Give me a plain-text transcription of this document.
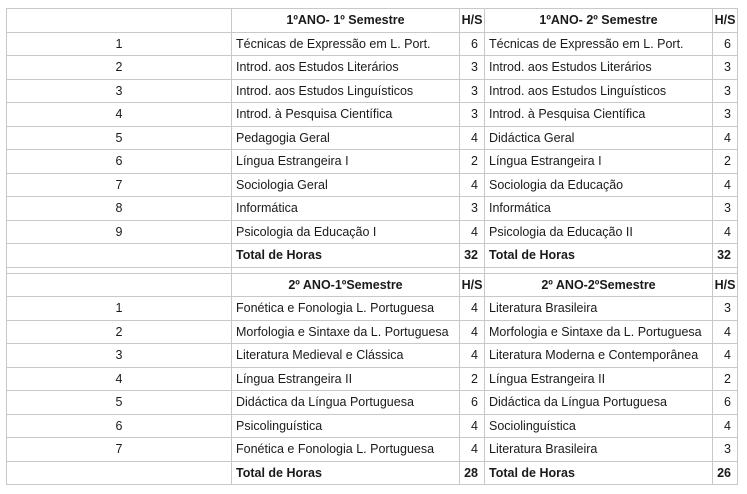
	1ºANO- 1º Semestre	H/S	1ºANO- 2º Semestre	H/S
1	Técnicas de Expressão em L. Port.	6	Técnicas de Expressão em L. Port.	6
2	Introd. aos Estudos Literários	3	Introd. aos Estudos Literários	3
3	Introd. aos Estudos Linguísticos	3	Introd. aos Estudos Linguísticos	3
4	Introd. à Pesquisa Científica	3	Introd. à Pesquisa Científica	3
5	Pedagogia Geral	4	Didáctica Geral	4
6	Língua Estrangeira I	2	Língua Estrangeira I	2
7	Sociologia Geral	4	Sociologia da Educação	4
8	Informática	3	Informática	3
9	Psicologia da Educação I	4	Psicologia da Educação II	4
	Total de Horas	32	Total de Horas	32

	2º ANO-1ºSemestre	H/S	2º ANO-2ºSemestre	H/S
1	Fonética e Fonologia L. Portuguesa	4	Literatura Brasileira	3
2	Morfologia e Sintaxe da L. Portuguesa	4	Morfologia e Sintaxe da L. Portuguesa	4
3	Literatura Medieval e Clássica	4	Literatura Moderna e Contemporânea	4
4	Língua Estrangeira II	2	Língua Estrangeira II	2
5	Didáctica da Língua Portuguesa	6	Didáctica da Língua Portuguesa	6
6	Psicolinguística	4	Sociolinguística	4
7	Fonética e Fonologia L. Portuguesa	4	Literatura Brasileira	3
	Total de Horas	28	Total de Horas	26
